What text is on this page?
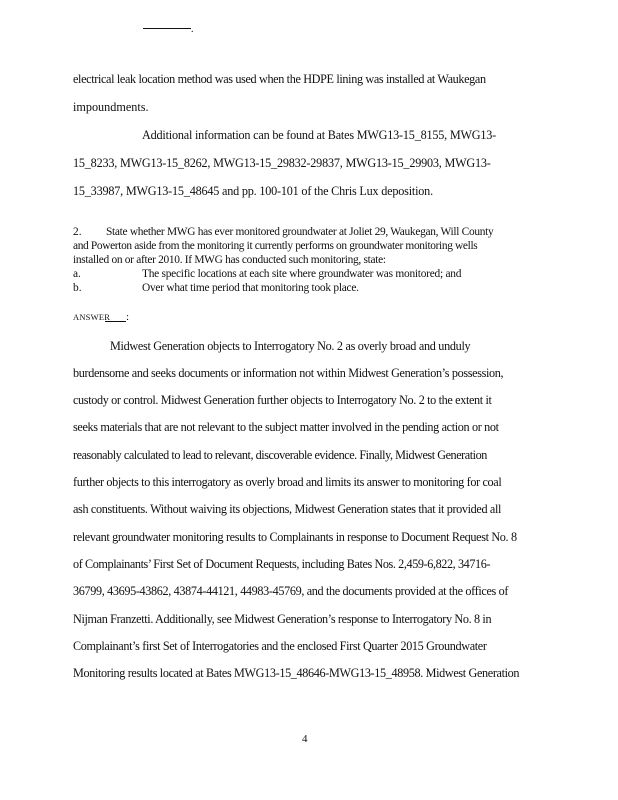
.
electrical leak location method was used when the HDPE lining was installed at Waukegan
impoundments.
Additional information can be found at Bates MWG13-15_8155, MWG13-
15_8233, MWG13-15_8262, MWG13-15_29832-29837, MWG13-15_29903, MWG13-
15_33987, MWG13-15_48645 and pp. 100-101 of the Chris Lux deposition.
2. State whether MWG has ever monitored groundwater at Joliet 29, Waukegan, Will County
and Powerton aside from the monitoring it currently performs on groundwater monitoring wells
installed on or after 2010. If MWG has conducted such monitoring, state:
a.	The specific locations at each site where groundwater was monitored; and
b.	Over what time period that monitoring took place.
ANSWER :
Midwest Generation objects to Interrogatory No. 2 as overly broad and unduly
burdensome and seeks documents or information not within Midwest Generation’s possession,
custody or control. Midwest Generation further objects to Interrogatory No. 2 to the extent it
seeks materials that are not relevant to the subject matter involved in the pending action or not
reasonably calculated to lead to relevant, discoverable evidence. Finally, Midwest Generation
further objects to this interrogatory as overly broad and limits its answer to monitoring for coal
ash constituents. Without waiving its objections, Midwest Generation states that it provided all
relevant groundwater monitoring results to Complainants in response to Document Request No. 8
of Complainants’ First Set of Document Requests, including Bates Nos. 2,459-6,822, 34716-
36799, 43695-43862, 43874-44121, 44983-45769, and the documents provided at the offices of
Nijman Franzetti. Additionally, see Midwest Generation’s response to Interrogatory No. 8 in
Complainant’s first Set of Interrogatories and the enclosed First Quarter 2015 Groundwater
Monitoring results located at Bates MWG13-15_48646-MWG13-15_48958. Midwest Generation
4
